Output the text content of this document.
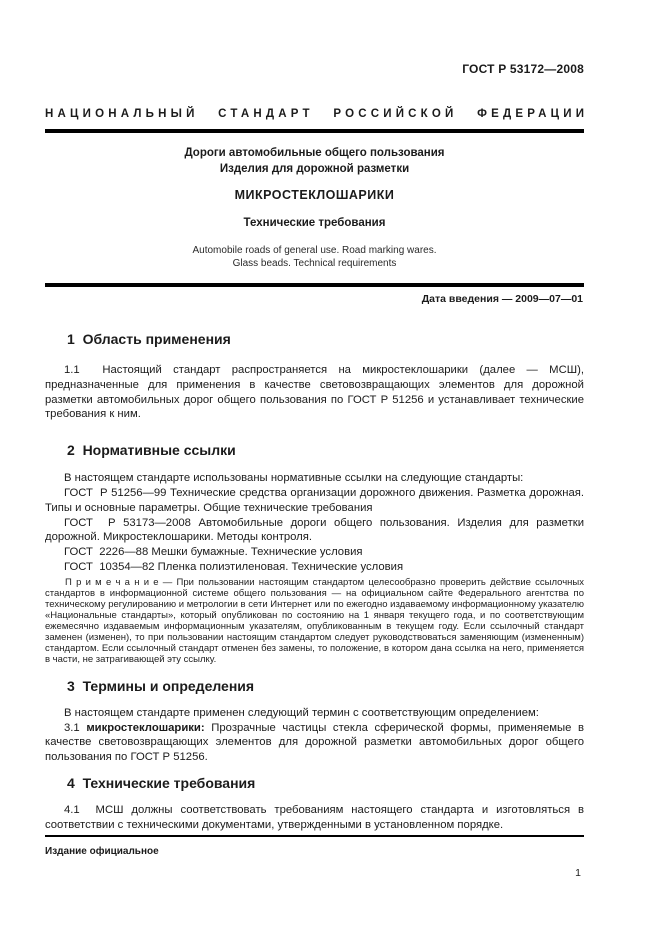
ГОСТ Р 53172—2008
НАЦИОНАЛЬНЫЙ СТАНДАРТ РОССИЙСКОЙ ФЕДЕРАЦИИ
Дороги автомобильные общего пользования
Изделия для дорожной разметки
МИКРОСТЕКЛОШАРИКИ
Технические требования
Automobile roads of general use. Road marking wares.
Glass beads. Technical requirements
Дата введения — 2009—07—01
1  Область применения

1.1  Настоящий стандарт распространяется на микростеклошарики (далее — МСШ), предназначенные для применения в качестве световозвращающих элементов для дорожной разметки автомобильных дорог общего пользования по ГОСТ Р 51256 и устанавливает технические требования к ним.

2  Нормативные ссылки

В настоящем стандарте использованы нормативные ссылки на следующие стандарты:

ГОСТ  Р 51256—99 Технические средства организации дорожного движения. Разметка дорожная. Типы и основные параметры. Общие технические требования

ГОСТ  Р 53173—2008 Автомобильные дороги общего пользования. Изделия для разметки дорожной. Микростеклошарики. Методы контроля.

ГОСТ  2226—88 Мешки бумажные. Технические условия

ГОСТ  10354—82 Пленка полиэтиленовая. Технические условия

П р и м е ч а н и е — При пользовании настоящим стандартом целесообразно проверить действие ссылочных стандартов в информационной системе общего пользования — на официальном сайте Федерального агентства по техническому регулированию и метрологии в сети Интернет или по ежегодно издаваемому информационному указателю «Национальные стандарты», который опубликован по состоянию на 1 января текущего года, и по соответствующим ежемесячно издаваемым информационным указателям, опубликованным в текущем году. Если ссылочный стандарт заменен (изменен), то при пользовании настоящим стандартом следует руководствоваться заменяющим (измененным) стандартом. Если ссылочный стандарт отменен без замены, то положение, в котором дана ссылка на него, применяется в части, не затрагивающей эту ссылку.
3  Термины и определения

В настоящем стандарте применен следующий термин с соответствующим определением:

3.1 микростеклошарики: Прозрачные частицы стекла сферической формы, применяемые в качестве световозвращающих элементов для дорожной разметки автомобильных дорог общего пользования по ГОСТ Р 51256.

4  Технические требования

4.1  МСШ должны соответствовать требованиям настоящего стандарта и изготовляться в соответствии с техническими документами, утвержденными в установленном порядке.

Издание официальное
1
